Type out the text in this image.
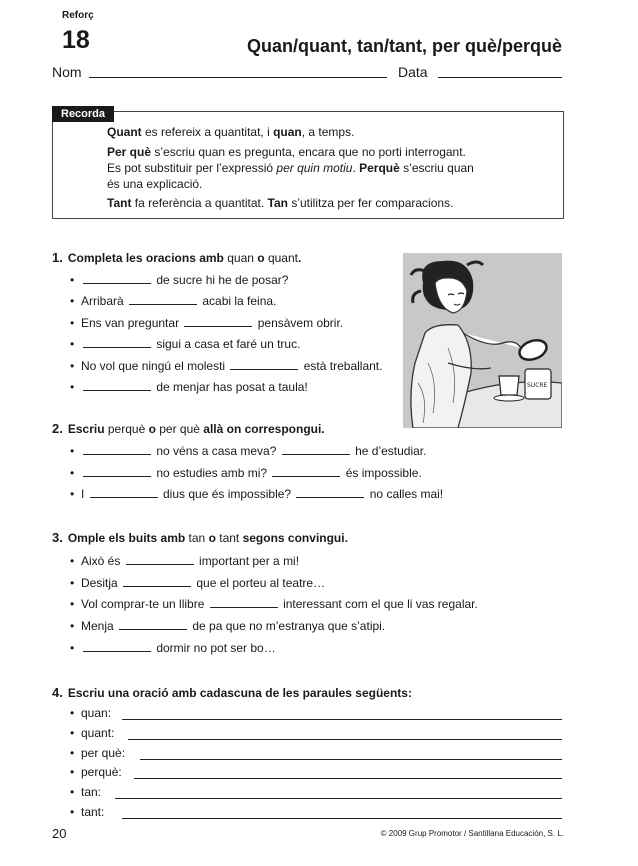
Reforç
18	Quan/quant, tan/tant, per què/perquè
Nom	Data
Quant es refereix a quantitat, i quan, a temps.
Per què s’escriu quan es pregunta, encara que no porti interrogant.
Es pot substituir per l’expressió per quin motiu. Perquè s’escriu quan
és una explicació.
Tant fa referència a quantitat. Tan s’utilitza per fer comparacions.
Recorda
1. Completa les oracions amb quan o quant.
•	de sucre hi he de posar?
• Arribarà	acabi la feina.
• Ens van preguntar	pensàvem obrir.
•	sigui a casa et faré un truc.
• No vol que ningú el molesti	està treballant.
•	de menjar has posat a taula!
2. Escriu perquè o per què allà on correspongui.
•	no véns a casa meva?	he d’estudiar.
•	no estudies amb mi?	és impossible.
• I	dius que és impossible?	no calles mai!
3. Omple els buits amb tan o tant segons convingui.
• Això és	important per a mi!
• Desitja	que el porteu al teatre…
• Vol comprar-te un llibre	interessant com el que li vas regalar.
• Menja	de pa que no m’estranya que s’atipi.
•	dormir no pot ser bo…
4. Escriu una oració amb cadascuna de les paraules següents:
• quan:
• quant:
• per què:
• perquè:
• tan:
• tant:
SUCRE
20	© 2009 Grup Promotor / Santillana Educación, S. L.
